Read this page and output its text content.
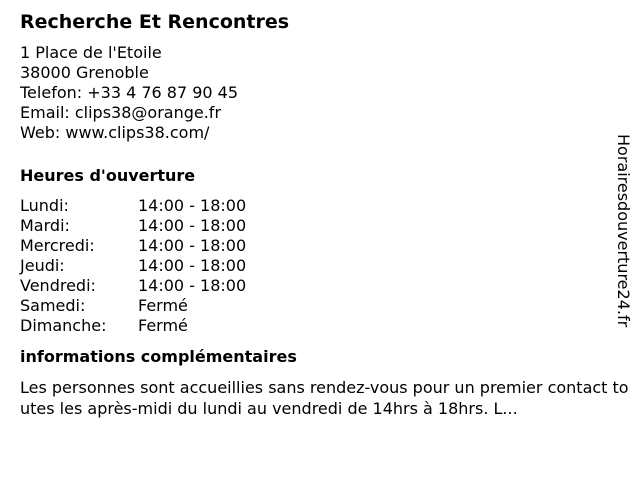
Recherche Et Rencontres
1 Place de l'Etoile
38000 Grenoble
Telefon: +33 4 76 87 90 45
Email: clips38@orange.fr
Web: www.clips38.com/
Heures d'ouverture
Lundi:	14:00 - 18:00
Mardi:	14:00 - 18:00
Mercredi:	14:00 - 18:00
Jeudi:	14:00 - 18:00
Vendredi:	14:00 - 18:00
Samedi:	Fermé
Dimanche:	Fermé
informations complémentaires
Les personnes sont accueillies sans rendez-vous pour un premier contact toutes les après-midi du lundi au vendredi de 14hrs à 18hrs. L...
Horairesdouverture24.fr
